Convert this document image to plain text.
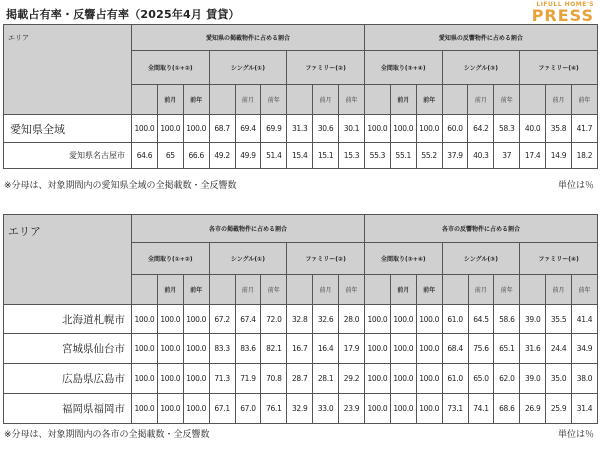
掲載占有率・反響占有率（2025年4月 賃貸）
LIFULL HOME'S
PRESS
エリア	愛知県の掲載物件に占める割合									愛知県の反響物件に占める割合								
	全間取り(①+②)			シングル(①)			ファミリー(②)			全間取り(③+④)			シングル(③)			ファミリー(④)		
		前月	前年		前月	前年		前月	前年		前月	前年		前月	前年		前月	前年

愛知県全域	100.0	100.0	100.0	68.7	69.4	69.9	31.3	30.6	30.1	100.0	100.0	100.0	60.0	64.2	58.3	40.0	35.8	41.7
愛知県名古屋市	64.6	65	66.6	49.2	49.9	51.4	15.4	15.1	15.3	55.3	55.1	55.2	37.9	40.3	37	17.4	14.9	18.2
※分母は、対象期間内の愛知県全域の全掲載数・全反響数	単位は％
エリア	各市の掲載物件に占める割合									各市の反響物件に占める割合								
	全間取り(①+②)			シングル(①)			ファミリー(②)			全間取り(③+④)			シングル(③)			ファミリー(④)		
		前月	前年		前月	前年		前月	前年		前月	前年		前月	前年		前月	前年
北海道札幌市	100.0	100.0	100.0	67.2	67.4	72.0	32.8	32.6	28.0	100.0	100.0	100.0	61.0	64.5	58.6	39.0	35.5	41.4
宮城県仙台市	100.0	100.0	100.0	83.3	83.6	82.1	16.7	16.4	17.9	100.0	100.0	100.0	68.4	75.6	65.1	31.6	24.4	34.9
広島県広島市	100.0	100.0	100.0	71.3	71.9	70.8	28.7	28.1	29.2	100.0	100.0	100.0	61.0	65.0	62.0	39.0	35.0	38.0
福岡県福岡市	100.0	100.0	100.0	67.1	67.0	76.1	32.9	33.0	23.9	100.0	100.0	100.0	73.1	74.1	68.6	26.9	25.9	31.4
※分母は、対象期間内の各市の全掲載数・全反響数	単位は％
